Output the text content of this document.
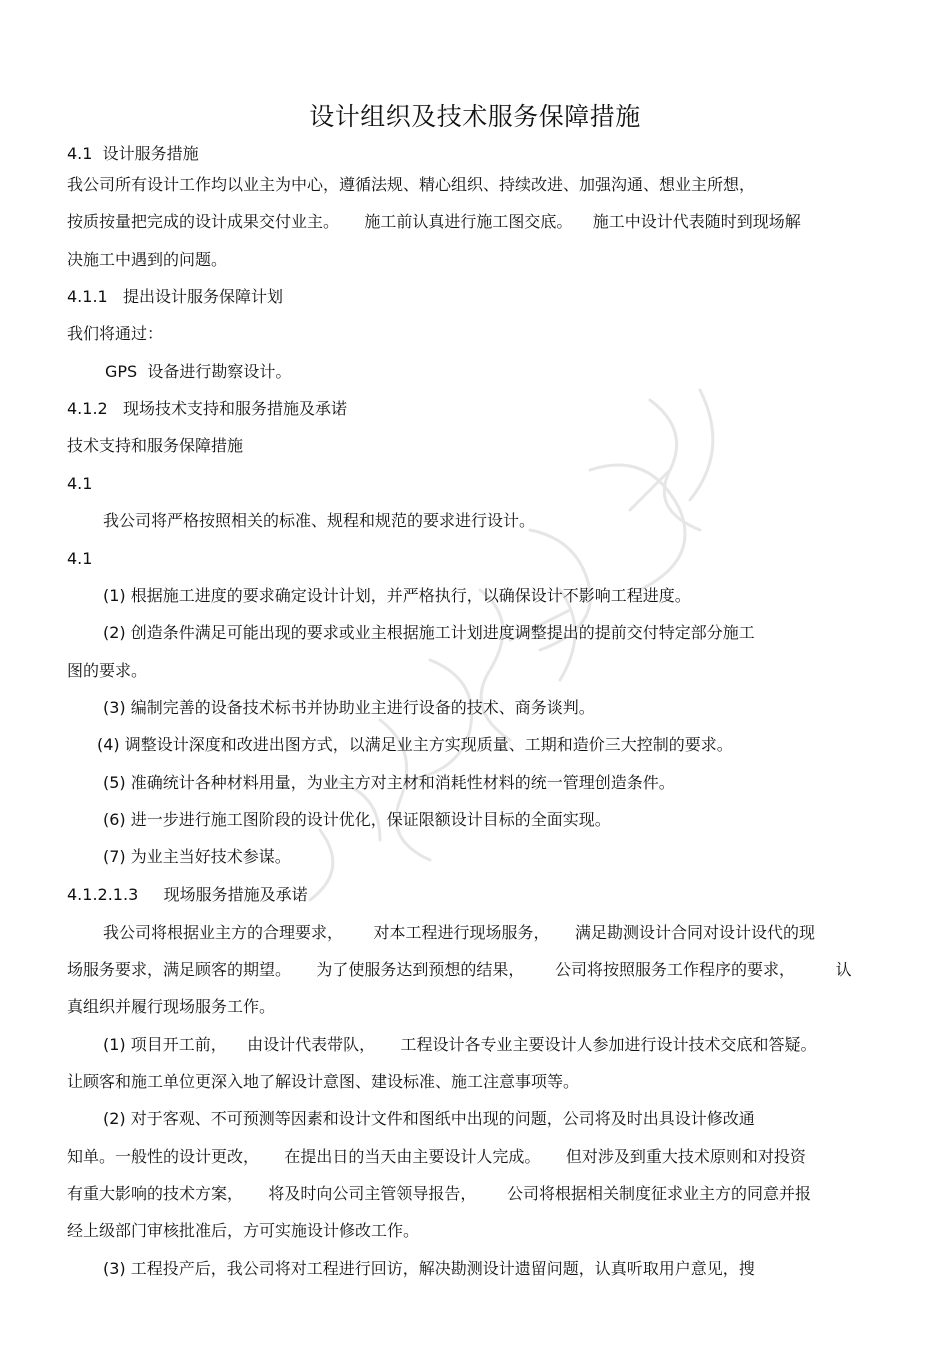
设计组织及技术服务保障措施
4.1  设计服务措施
我公司所有设计工作均以业主为中心，遵循法规、精心组织、持续改进、加强沟通、想业主所想，
按质按量把完成的设计成果交付业主。     施工前认真进行施工图交底。    施工中设计代表随时到现场解
决施工中遇到的问题。
4.1.1   提出设计服务保障计划
我们将通过：
GPS  设备进行勘察设计。
4.1.2   现场技术支持和服务措施及承诺
技术支持和服务保障措施
4.1
我公司将严格按照相关的标准、规程和规范的要求进行设计。
4.1
(1) 根据施工进度的要求确定设计计划，并严格执行，以确保设计不影响工程进度。
(2) 创造条件满足可能出现的要求或业主根据施工计划进度调整提出的提前交付特定部分施工
图的要求。
(3) 编制完善的设备技术标书并协助业主进行设备的技术、商务谈判。
(4) 调整设计深度和改进出图方式，以满足业主方实现质量、工期和造价三大控制的要求。
(5) 准确统计各种材料用量，为业主方对主材和消耗性材料的统一管理创造条件。
(6) 进一步进行施工图阶段的设计优化，保证限额设计目标的全面实现。
(7) 为业主当好技术参谋。
4.1.2.1.3     现场服务措施及承诺
我公司将根据业主方的合理要求，      对本工程进行现场服务，     满足勘测设计合同对设计设代的现
场服务要求，满足顾客的期望。     为了使服务达到预想的结果，      公司将按照服务工作程序的要求，        认
真组织并履行现场服务工作。
(1) 项目开工前，    由设计代表带队，     工程设计各专业主要设计人参加进行设计技术交底和答疑。
让顾客和施工单位更深入地了解设计意图、建设标准、施工注意事项等。
(2) 对于客观、不可预测等因素和设计文件和图纸中出现的问题，公司将及时出具设计修改通
知单。一般性的设计更改，     在提出日的当天由主要设计人完成。     但对涉及到重大技术原则和对投资
有重大影响的技术方案，     将及时向公司主管领导报告，      公司将根据相关制度征求业主方的同意并报
经上级部门审核批准后，方可实施设计修改工作。
(3) 工程投产后，我公司将对工程进行回访，解决勘测设计遗留问题，认真听取用户意见，搜
